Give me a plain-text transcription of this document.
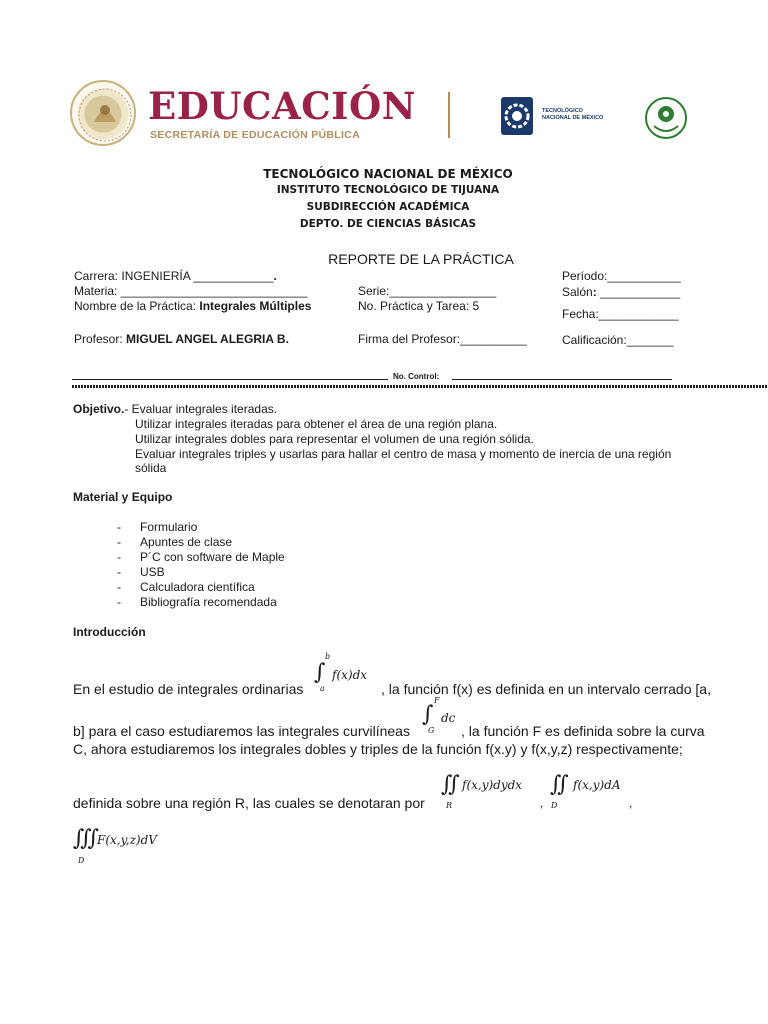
EDUCACIÓN
SECRETARÍA DE EDUCACIÓN PÚBLICA
TECNOLÓGICO
NACIONAL DE MÉXICO
TECNOLÓGICO NACIONAL DE MÉXICO
INSTITUTO TECNOLÓGICO DE TIJUANA
SUBDIRECCIÓN ACADÉMICA
DEPTO. DE CIENCIAS BÁSICAS
REPORTE DE LA PRÁCTICA
Carrera: INGENIERÍA ____________.
Materia: ____________________________
Nombre de la Práctica: Integrales Múltiples
Profesor: MIGUEL ANGEL ALEGRIA B.
Serie:________________
No. Práctica y Tarea: 5
Firma del Profesor:__________
Período:___________
Salón: ____________
Fecha:____________
Calificación:_______
No. Control:
Objetivo.- Evaluar integrales iteradas.
Utilizar integrales iteradas para obtener el área de una región plana.
Utilizar integrales dobles para representar el volumen de una región sólida.
Evaluar integrales triples y usarlas para hallar el centro de masa y momento de inercia de una región
sólida
Material y Equipo
- Formulario
- Apuntes de clase
- P´C con software de Maple
- USB
- Calculadora científica
- Bibliografía recomendada
Introducción
En el estudio de integrales ordinarias
∫
b
a
f(x)dx
, la función f(x) es definida en un intervalo cerrado [a,
b] para el caso estudiaremos las integrales curvilíneas
∫
F
G
dc
, la función F es definida sobre la curva
C, ahora estudiaremos los integrales dobles y triples de la función f(x.y) y f(x,y,z) respectivamente;
definida sobre una región R, las cuales se denotaran por
∬
R
f(x,y)dydx
,
∬
D
f(x,y)dA
,
∭
D
F(x,y,z)dV
